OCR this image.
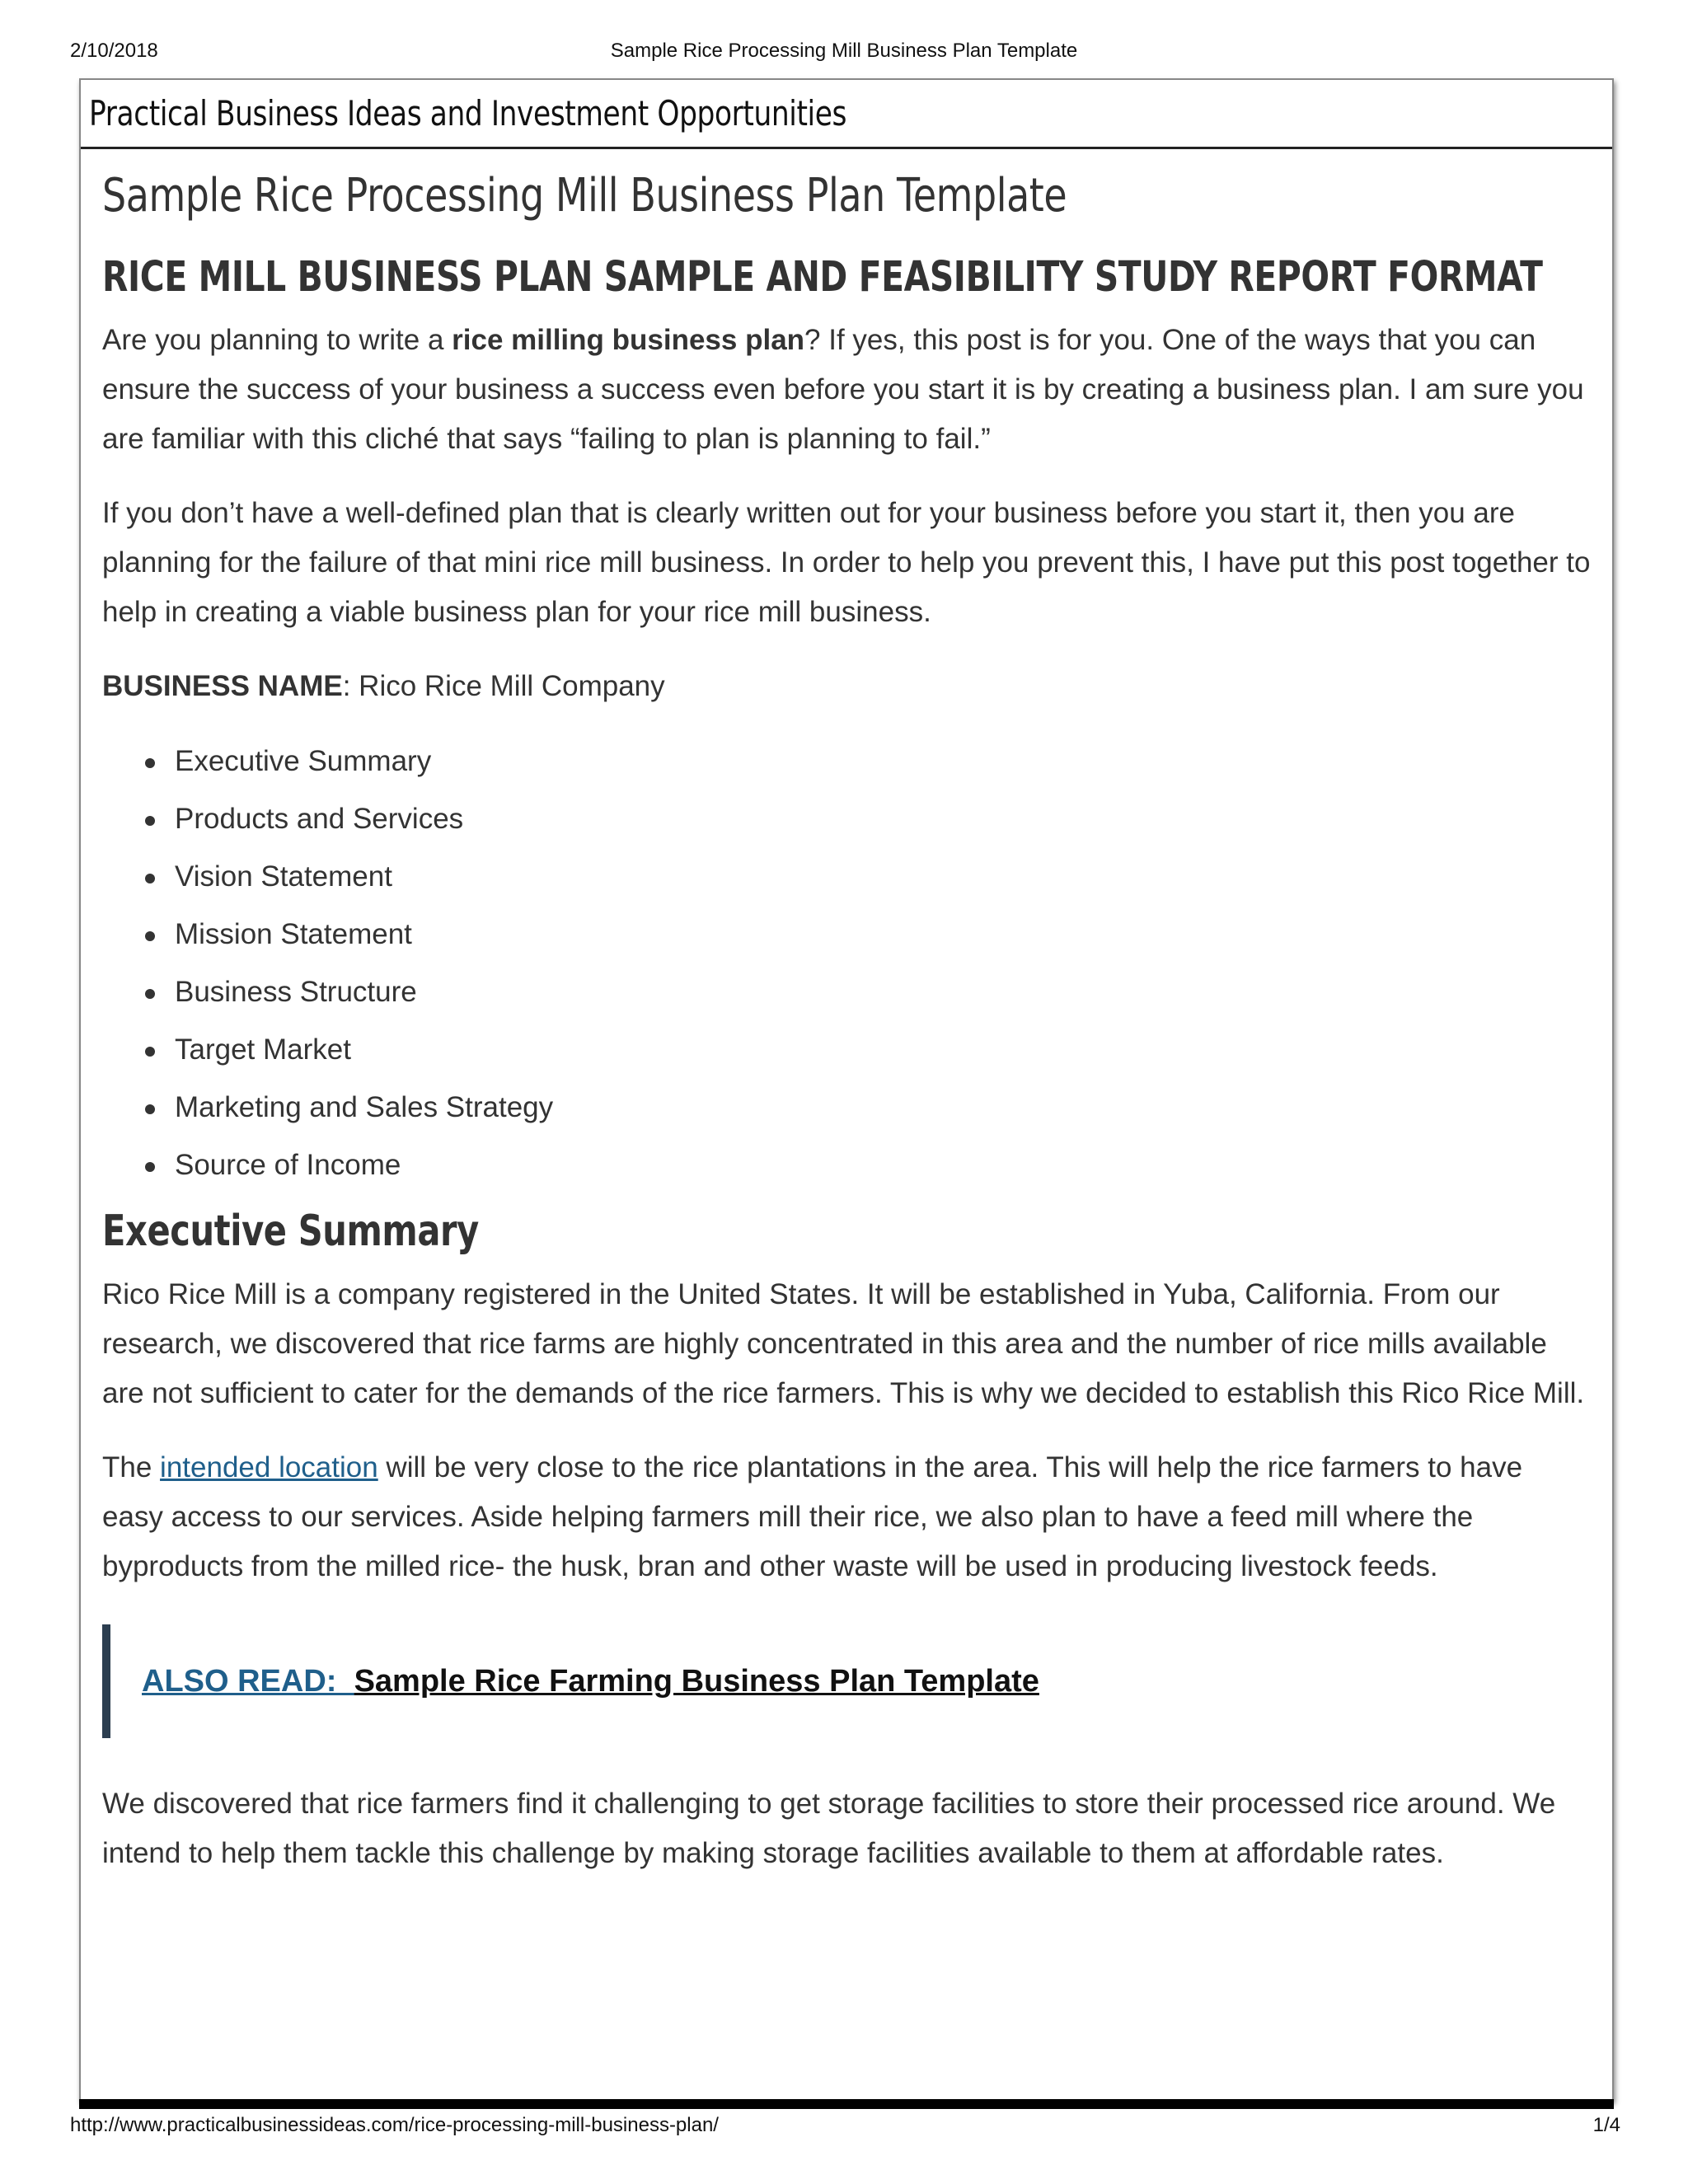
2/10/2018	Sample Rice Processing Mill Business Plan Template
Practical Business Ideas and Investment Opportunities
Sample Rice Processing Mill Business Plan Template
RICE MILL BUSINESS PLAN SAMPLE AND FEASIBILITY STUDY REPORT FORMAT

Are you planning to write a rice milling business plan? If yes, this post is for you. One of the ways that you can ensure the success of your business a success even before you start it is by creating a business plan. I am sure you are familiar with this cliché that says “failing to plan is planning to fail.”

If you don’t have a well-defined plan that is clearly written out for your business before you start it, then you are planning for the failure of that mini rice mill business. In order to help you prevent this, I have put this post together to help in creating a viable business plan for your rice mill business.

BUSINESS NAME: Rico Rice Mill Company

Executive Summary
Products and Services
Vision Statement
Mission Statement
Business Structure
Target Market
Marketing and Sales Strategy
Source of Income
Executive Summary

Rico Rice Mill is a company registered in the United States. It will be established in Yuba, California. From our research, we discovered that rice farms are highly concentrated in this area and the number of rice mills available are not sufficient to cater for the demands of the rice farmers. This is why we decided to establish this Rico Rice Mill.

The intended location will be very close to the rice plantations in the area. This will help the rice farmers to have easy access to our services. Aside helping farmers mill their rice, we also plan to have a feed mill where the byproducts from the milled rice- the husk, bran and other waste will be used in producing livestock feeds.

ALSO READ: Sample Rice Farming Business Plan Template

We discovered that rice farmers find it challenging to get storage facilities to store their processed rice around. We intend to help them tackle this challenge by making storage facilities available to them at affordable rates.

http://www.practicalbusinessideas.com/rice-processing-mill-business-plan/	1/4
